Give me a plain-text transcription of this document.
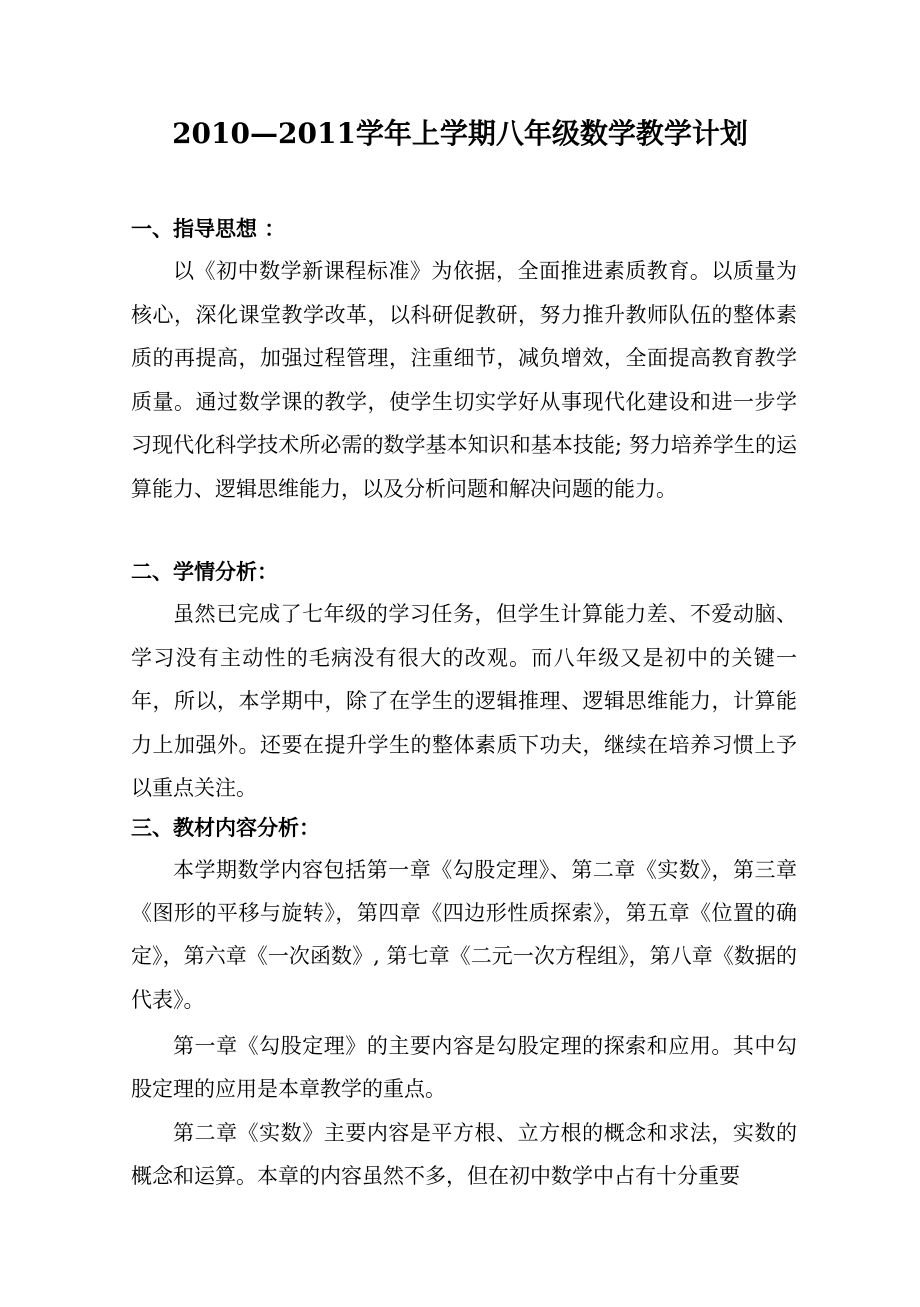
2010—2011学年上学期八年级数学教学计划
一、指导思想 ：

以《初中数学新课程标准》为依据，全面推进素质教育。以质量为核心，深化课堂教学改革，以科研促教研，努力推升教师队伍的整体素质的再提高，加强过程管理，注重细节，减负增效，全面提高教育教学质量。通过数学课的教学，使学生切实学好从事现代化建设和进一步学习现代化科学技术所必需的数学基本知识和基本技能; 努力培养学生的运算能力、逻辑思维能力，以及分析问题和解决问题的能力。

二、学情分析：

虽然已完成了七年级的学习任务，但学生计算能力差、不爱动脑、学习没有主动性的毛病没有很大的改观。而八年级又是初中的关键一年，所以，本学期中，除了在学生的逻辑推理、逻辑思维能力，计算能力上加强外。还要在提升学生的整体素质下功夫，继续在培养习惯上予以重点关注。

三、教材内容分析：

本学期数学内容包括第一章《勾股定理》、第二章《实数》，第三章《图形的平移与旋转》，第四章《四边形性质探索》，第五章《位置的确定》，第六章《一次函数》, 第七章《二元一次方程组》，第八章《数据的代表》。

第一章《勾股定理》的主要内容是勾股定理的探索和应用。其中勾股定理的应用是本章教学的重点。

第二章《实数》主要内容是平方根、立方根的概念和求法，实数的概念和运算。本章的内容虽然不多，但在初中数学中占有十分重要
